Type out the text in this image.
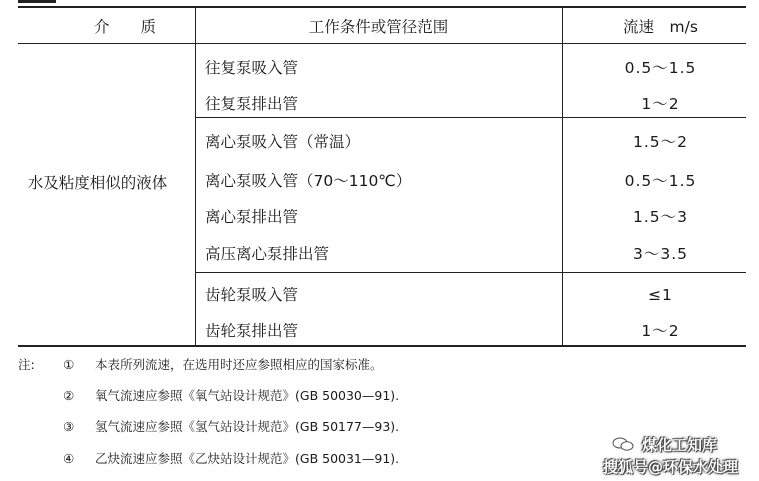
介　　质	工作条件或管径范围	流速　m/s
水及粘度相似的液体
往复泵吸入管	0.5～1.5
往复泵排出管	1～2
离心泵吸入管（常温）	1.5～2
离心泵吸入管（70～110℃）	0.5～1.5
离心泵排出管	1.5～3
高压离心泵排出管	3～3.5
齿轮泵吸入管	≤1
齿轮泵排出管	1～2
注: ① 本表所列流速，在选用时还应参照相应的国家标准。
② 氧气流速应参照《氧气站设计规范》(GB 50030—91).
③ 氢气流速应参照《氢气站设计规范》(GB 50177—93).
④ 乙炔流速应参照《乙炔站设计规范》(GB 50031—91).
煤化工知库
搜狐号@环保水处理
